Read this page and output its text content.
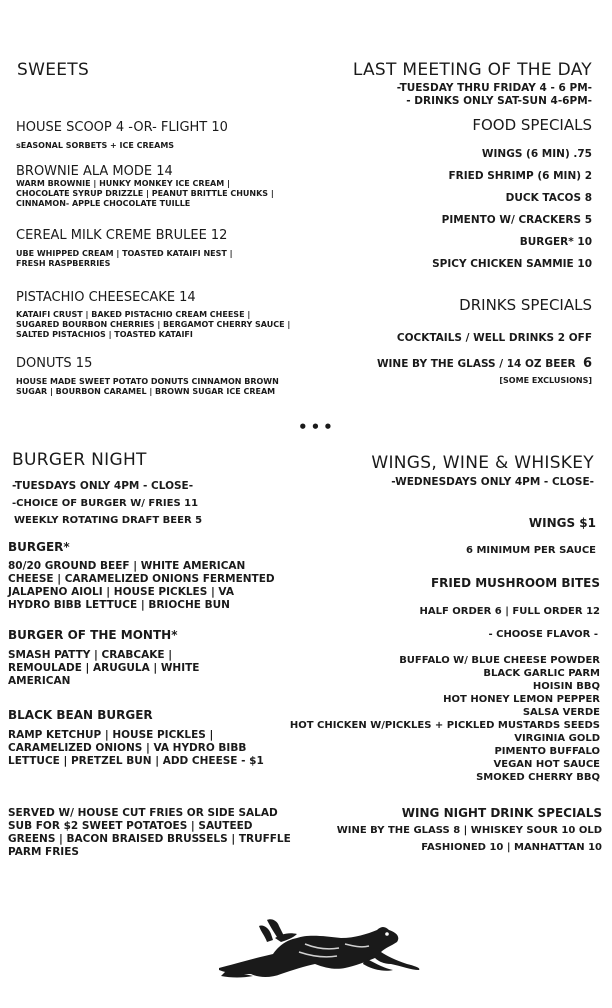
SWEETS
HOUSE SCOOP 4 -OR- FLIGHT 10
sEASONAL SORBETS + ICE CREAMS
BROWNIE ALA MODE 14
WARM BROWNIE | HUNKY MONKEY ICE CREAM | CHOCOLATE SYRUP DRIZZLE | PEANUT BRITTLE CHUNKS | CINNAMON- APPLE CHOCOLATE TUILLE
CEREAL MILK CREME BRULEE 12
UBE WHIPPED CREAM | TOASTED KATAIFI NEST | FRESH RASPBERRIES
PISTACHIO CHEESECAKE 14
KATAIFI CRUST | BAKED PISTACHIO CREAM CHEESE | SUGARED BOURBON CHERRIES | BERGAMOT CHERRY SAUCE | SALTED PISTACHIOS | TOASTED KATAIFI
DONUTS 15
HOUSE MADE SWEET POTATO DONUTS CINNAMON BROWN SUGAR | BOURBON CARAMEL | BROWN SUGAR ICE CREAM
LAST MEETING OF THE DAY
-TUESDAY THRU FRIDAY 4 - 6 PM-
- DRINKS ONLY SAT-SUN 4-6PM-
FOOD SPECIALS
WINGS (6 MIN) .75
FRIED SHRIMP (6 MIN) 2
DUCK TACOS 8
PIMENTO W/ CRACKERS 5
BURGER* 10
SPICY CHICKEN SAMMIE 10
DRINKS SPECIALS
COCKTAILS / WELL DRINKS 2 OFF
WINE BY THE GLASS / 14 OZ BEER 6
[SOME EXCLUSIONS]
•••
BURGER NIGHT
-TUESDAYS ONLY 4PM - CLOSE-
-CHOICE OF BURGER W/ FRIES 11
WEEKLY ROTATING DRAFT BEER 5
BURGER*
80/20 GROUND BEEF | WHITE AMERICAN CHEESE | CARAMELIZED ONIONS FERMENTED JALAPENO AIOLI | HOUSE PICKLES | VA HYDRO BIBB LETTUCE | BRIOCHE BUN
BURGER OF THE MONTH*
SMASH PATTY | CRABCAKE | REMOULADE | ARUGULA | WHITE AMERICAN
BLACK BEAN BURGER
RAMP KETCHUP | HOUSE PICKLES | CARAMELIZED ONIONS | VA HYDRO BIBB LETTUCE | PRETZEL BUN | ADD CHEESE - $1
SERVED W/ HOUSE CUT FRIES OR SIDE SALAD SUB FOR $2 SWEET POTATOES | SAUTEED GREENS | BACON BRAISED BRUSSELS | TRUFFLE PARM FRIES
WINGS, WINE & WHISKEY
-WEDNESDAYS ONLY 4PM - CLOSE-
WINGS $1
6 MINIMUM PER SAUCE
FRIED MUSHROOM BITES
HALF ORDER 6 | FULL ORDER 12
- CHOOSE FLAVOR -
BUFFALO W/ BLUE CHEESE POWDER
BLACK GARLIC PARM
HOISIN BBQ
HOT HONEY LEMON PEPPER
SALSA VERDE
HOT CHICKEN W/PICKLES + PICKLED MUSTARDS SEEDS
VIRGINIA GOLD
PIMENTO BUFFALO
VEGAN HOT SAUCE
SMOKED CHERRY BBQ
WING NIGHT DRINK SPECIALS
WINE BY THE GLASS 8 | WHISKEY SOUR 10 OLD
FASHIONED 10 | MANHATTAN 10
